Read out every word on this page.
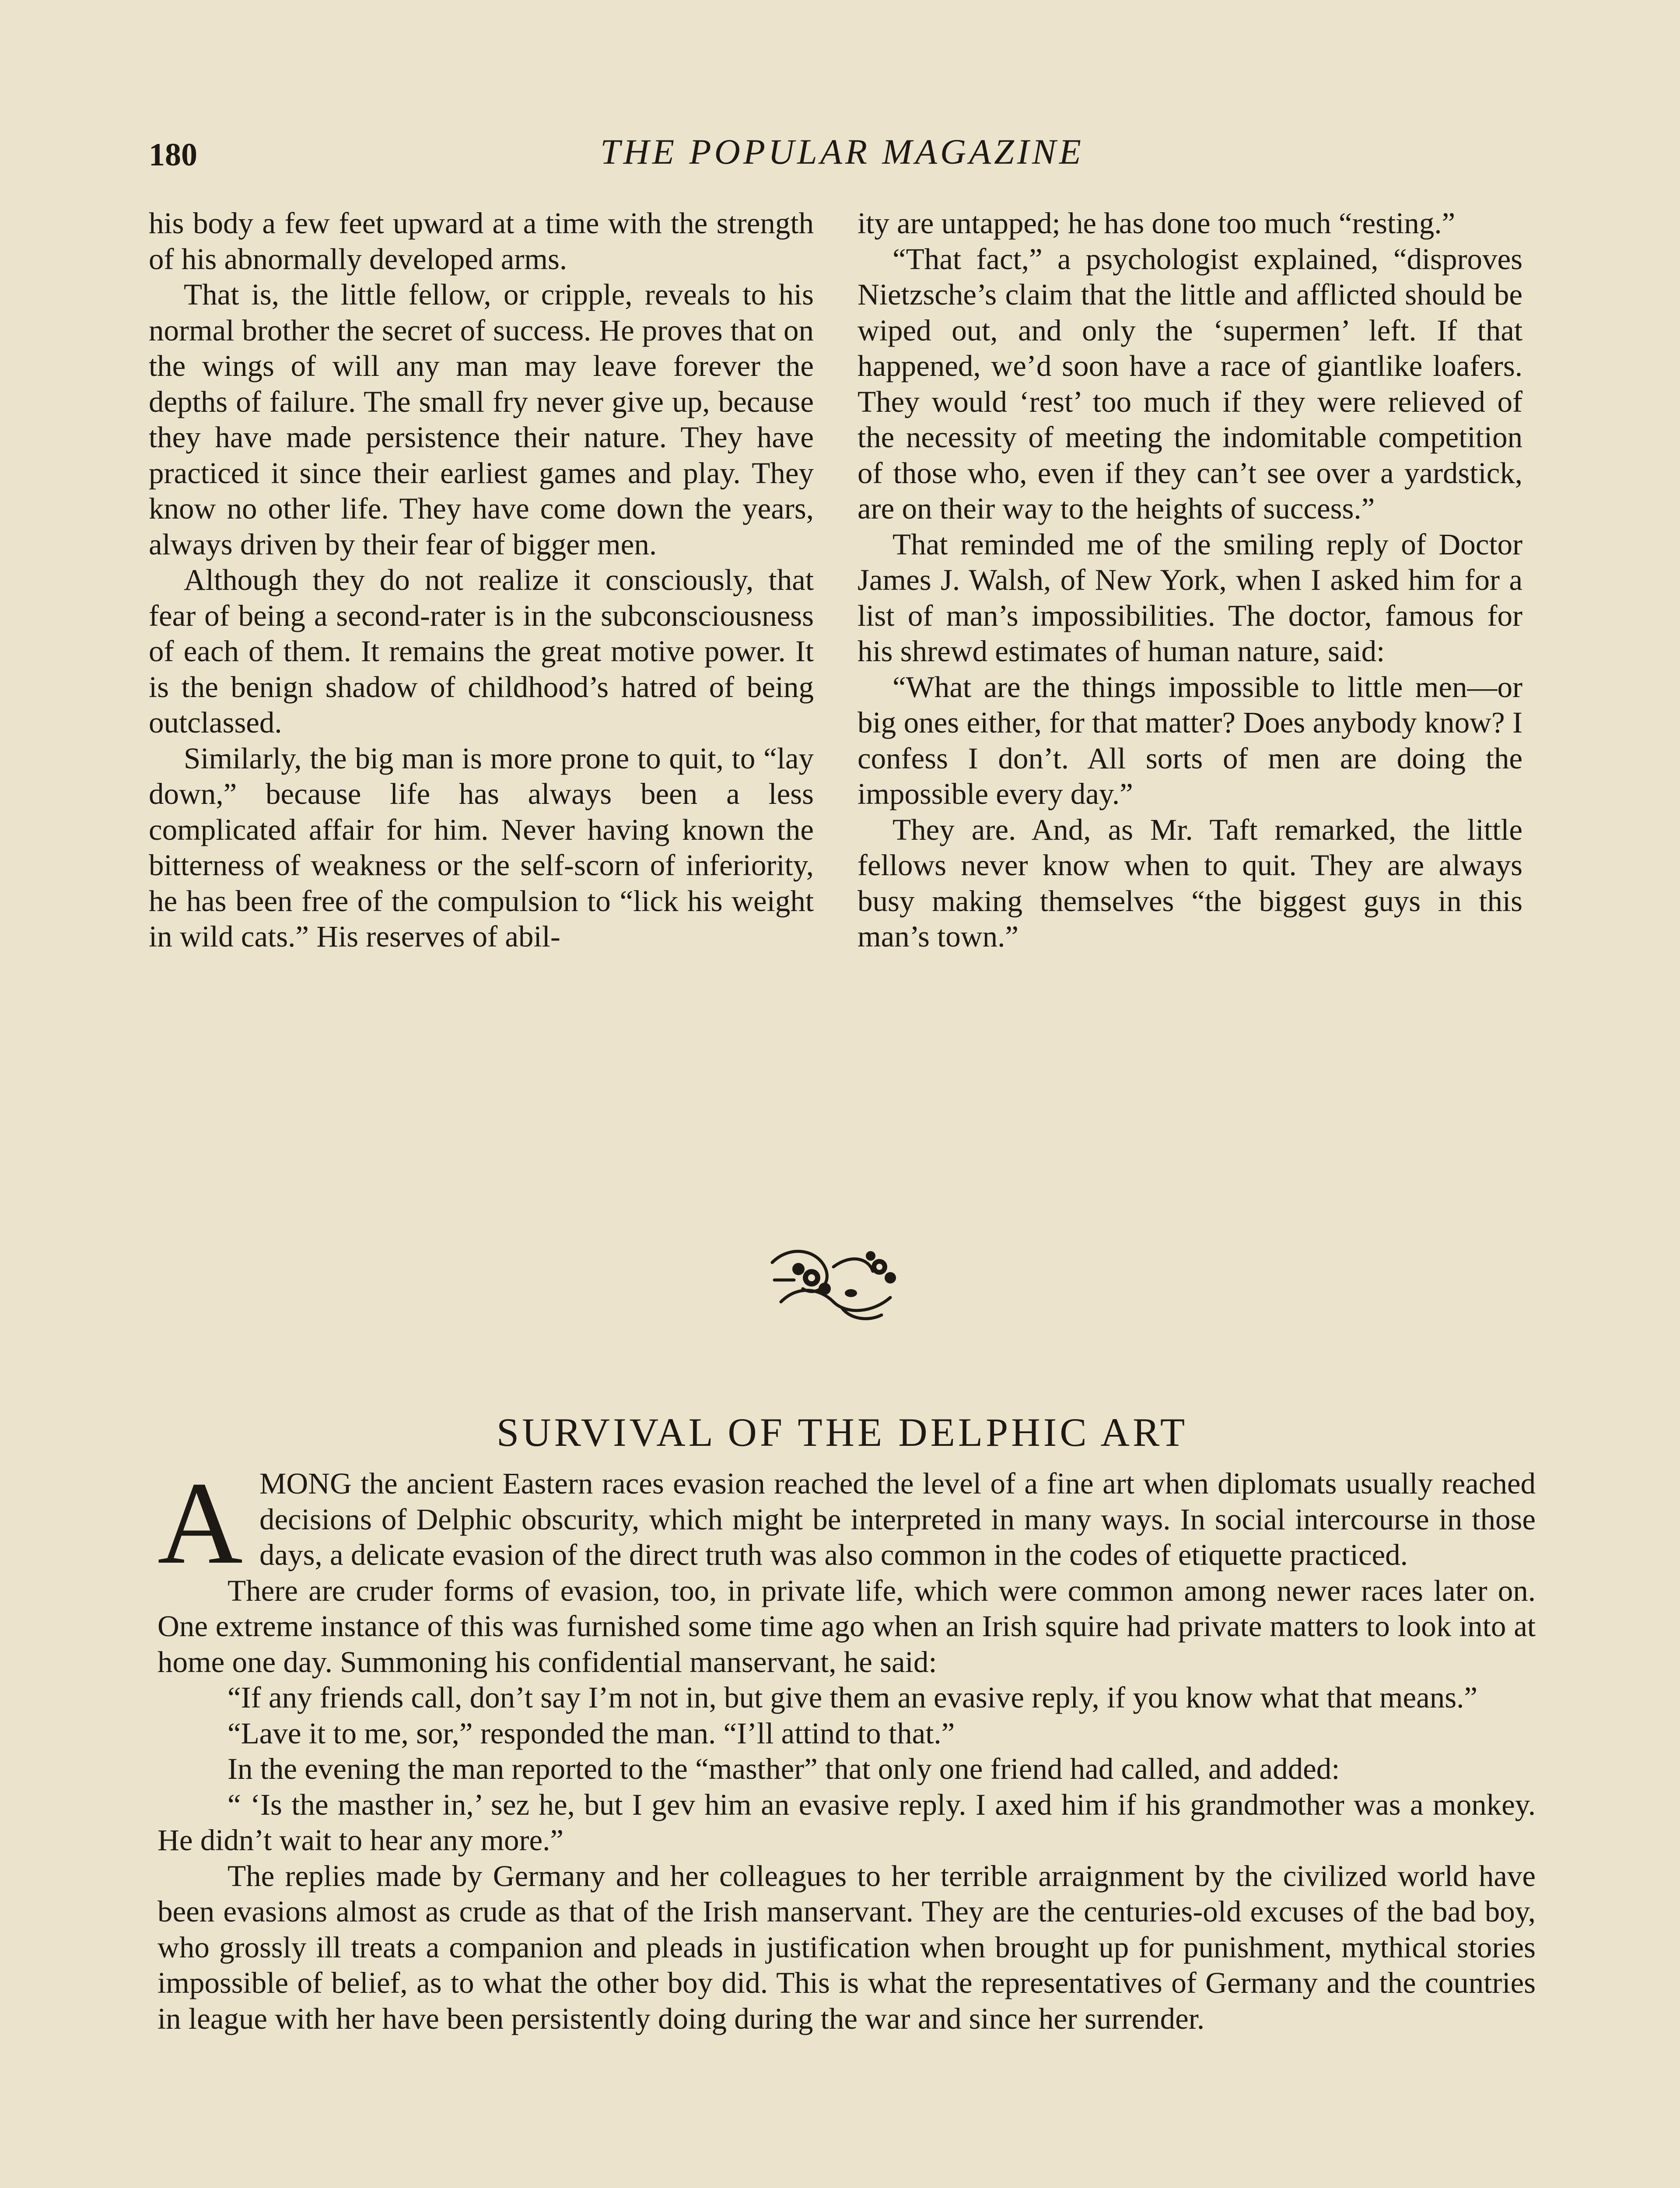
180	THE POPULAR MAGAZINE

his body a few feet upward at a time with the strength of his abnormally developed arms.

That is, the little fellow, or cripple, reveals to his normal brother the secret of success. He proves that on the wings of will any man may leave forever the depths of failure. The small fry never give up, because they have made persistence their nature. They have practiced it since their earliest games and play. They know no other life. They have come down the years, always driven by their fear of bigger men.

Although they do not realize it consciously, that fear of being a second-rater is in the subconsciousness of each of them. It remains the great motive power. It is the benign shadow of childhood’s hatred of being outclassed.

Similarly, the big man is more prone to quit, to “lay down,” because life has always been a less complicated affair for him. Never having known the bitterness of weakness or the self-scorn of inferiority, he has been free of the compulsion to “lick his weight in wild cats.” His reserves of abil-

ity are untapped; he has done too much “resting.”

“That fact,” a psychologist explained, “disproves Nietzsche’s claim that the little and afflicted should be wiped out, and only the ‘supermen’ left. If that happened, we’d soon have a race of giantlike loafers. They would ‘rest’ too much if they were relieved of the necessity of meeting the indomitable competition of those who, even if they can’t see over a yardstick, are on their way to the heights of success.”

That reminded me of the smiling reply of Doctor James J. Walsh, of New York, when I asked him for a list of man’s impossibilities. The doctor, famous for his shrewd estimates of human nature, said:

“What are the things impossible to little men—or big ones either, for that matter? Does anybody know? I confess I don’t. All sorts of men are doing the impossible every day.”

They are. And, as Mr. Taft remarked, the little fellows never know when to quit. They are always busy making themselves “the biggest guys in this man’s town.”

SURVIVAL OF THE DELPHIC ART

AMONG the ancient Eastern races evasion reached the level of a fine art when diplomats usually reached decisions of Delphic obscurity, which might be interpreted in many ways. In social intercourse in those days, a delicate evasion of the direct truth was also common in the codes of etiquette practiced.

There are cruder forms of evasion, too, in private life, which were common among newer races later on. One extreme instance of this was furnished some time ago when an Irish squire had private matters to look into at home one day. Summoning his confidential manservant, he said:

“If any friends call, don’t say I’m not in, but give them an evasive reply, if you know what that means.”

“Lave it to me, sor,” responded the man. “I’ll attind to that.”

In the evening the man reported to the “masther” that only one friend had called, and added:

“ ‘Is the masther in,’ sez he, but I gev him an evasive reply. I axed him if his grandmother was a monkey. He didn’t wait to hear any more.”

The replies made by Germany and her colleagues to her terrible arraignment by the civilized world have been evasions almost as crude as that of the Irish manservant. They are the centuries-old excuses of the bad boy, who grossly ill treats a companion and pleads in justification when brought up for punishment, mythical stories impossible of belief, as to what the other boy did. This is what the representatives of Germany and the countries in league with her have been persistently doing during the war and since her surrender.
